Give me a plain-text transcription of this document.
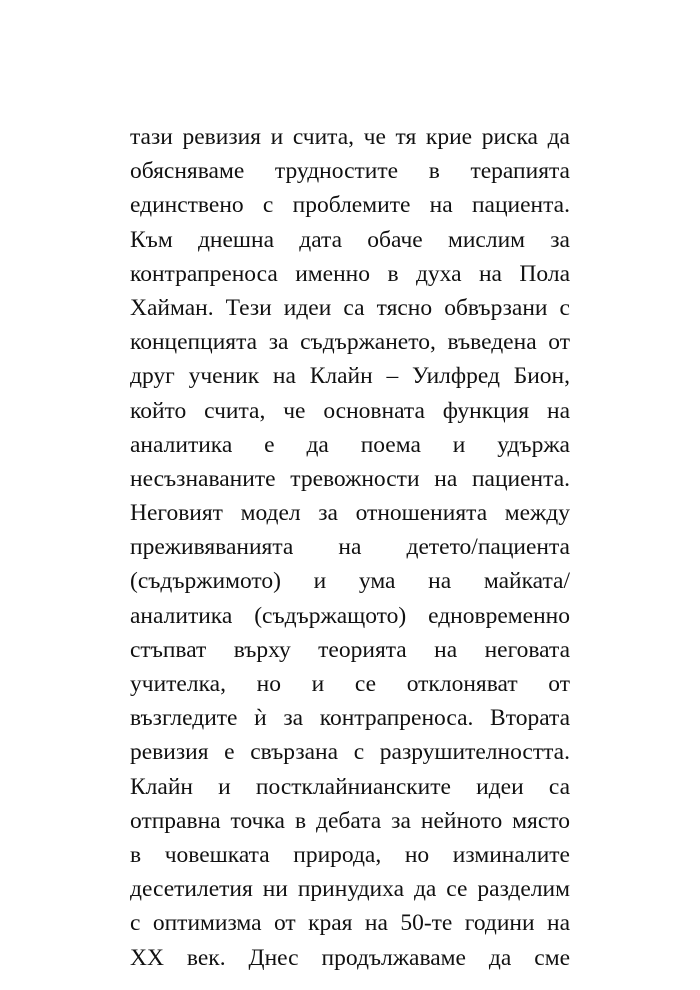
тази ревизия и счита, че тя крие риска да
обясняваме трудностите в терапията
единствено с проблемите на пациента.
Към днешна дата обаче мислим за
контрапреноса именно в духа на Пола
Хайман. Тези идеи са тясно обвързани с
концепцията за съдържането, въведена от
друг ученик на Клайн – Уилфред Бион,
който счита, че основната функция на
аналитика е да поема и удържа
несъзнаваните тревожности на пациента.
Неговият модел за отношенията между
преживяванията на детето/пациента
(съдържимото) и ума на майката/
аналитика (съдържащото) едновременно
стъпват върху теорията на неговата
учителка, но и се отклоняват от
възгледите ѝ за контрапреноса. Втората
ревизия е свързана с разрушителността.
Клайн и постклайнианските идеи са
отправна точка в дебата за нейното място
в човешката природа, но изминалите
десетилетия ни принудиха да се разделим
с оптимизма от края на 50-те години на
XX век. Днес продължаваме да сме
